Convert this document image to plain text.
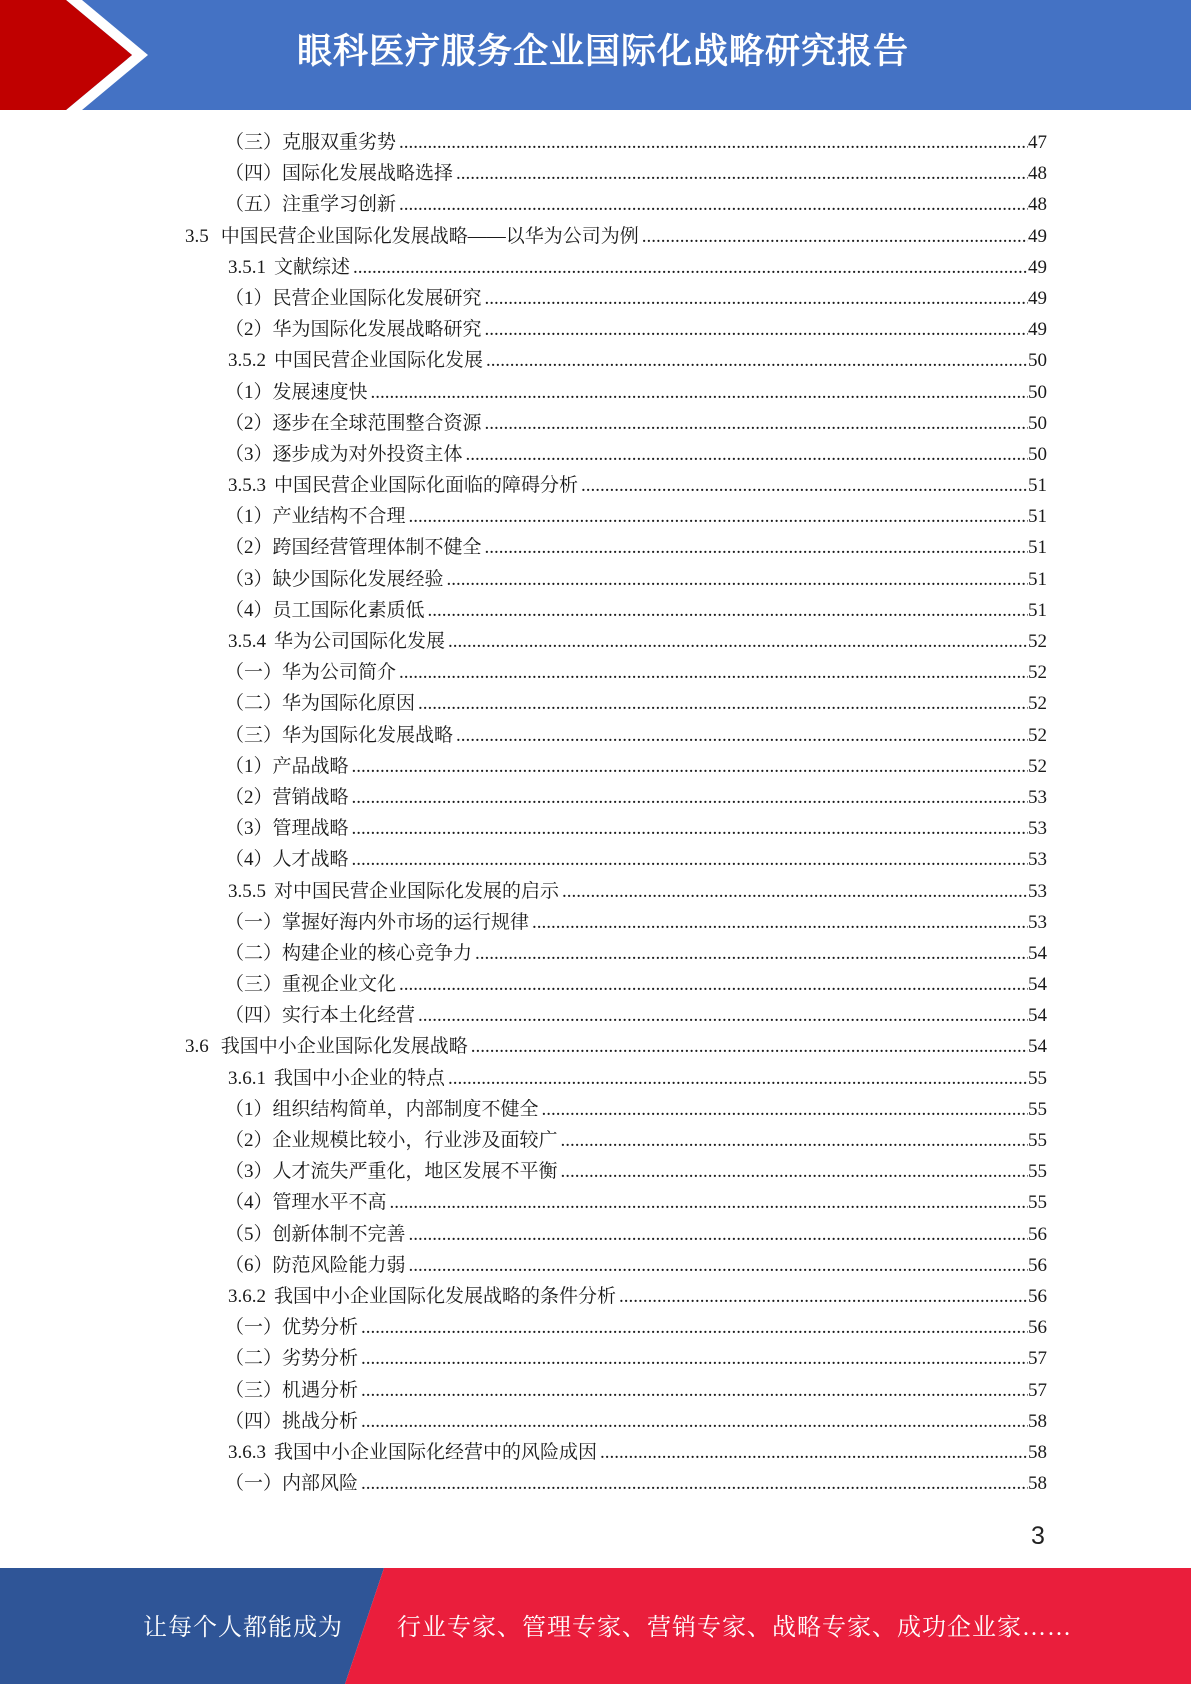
眼科医疗服务企业国际化战略研究报告
（三）克服双重劣势 .....	47
（四）国际化发展战略选择 .....	48
（五）注重学习创新 .....	48
3.5 中国民营企业国际化发展战略——以华为公司为例 .....	49
3.5.1 文献综述 .....	49
（1）民营企业国际化发展研究 .....	49
（2）华为国际化发展战略研究 .....	49
3.5.2 中国民营企业国际化发展 .....	50
（1）发展速度快 .....	50
（2）逐步在全球范围整合资源 .....	50
（3）逐步成为对外投资主体 .....	50
3.5.3 中国民营企业国际化面临的障碍分析 .....	51
（1）产业结构不合理 .....	51
（2）跨国经营管理体制不健全 .....	51
（3）缺少国际化发展经验 .....	51
（4）员工国际化素质低 .....	51
3.5.4 华为公司国际化发展 .....	52
（一）华为公司简介 .....	52
（二）华为国际化原因 .....	52
（三）华为国际化发展战略 .....	52
（1）产品战略 .....	52
（2）营销战略 .....	53
（3）管理战略 .....	53
（4）人才战略 .....	53
3.5.5 对中国民营企业国际化发展的启示 .....	53
（一）掌握好海内外市场的运行规律 .....	53
（二）构建企业的核心竞争力 .....	54
（三）重视企业文化 .....	54
（四）实行本土化经营 .....	54
3.6 我国中小企业国际化发展战略 .....	54
3.6.1 我国中小企业的特点 .....	55
（1）组织结构简单，内部制度不健全 .....	55
（2）企业规模比较小，行业涉及面较广 .....	55
（3）人才流失严重化，地区发展不平衡 .....	55
（4）管理水平不高 .....	55
（5）创新体制不完善 .....	56
（6）防范风险能力弱 .....	56
3.6.2 我国中小企业国际化发展战略的条件分析 .....	56
（一）优势分析 .....	56
（二）劣势分析 .....	57
（三）机遇分析 .....	57
（四）挑战分析 .....	58
3.6.3 我国中小企业国际化经营中的风险成因 .....	58
（一）内部风险 .....	58
3
让每个人都能成为 行业专家、管理专家、营销专家、战略专家、成功企业家……
